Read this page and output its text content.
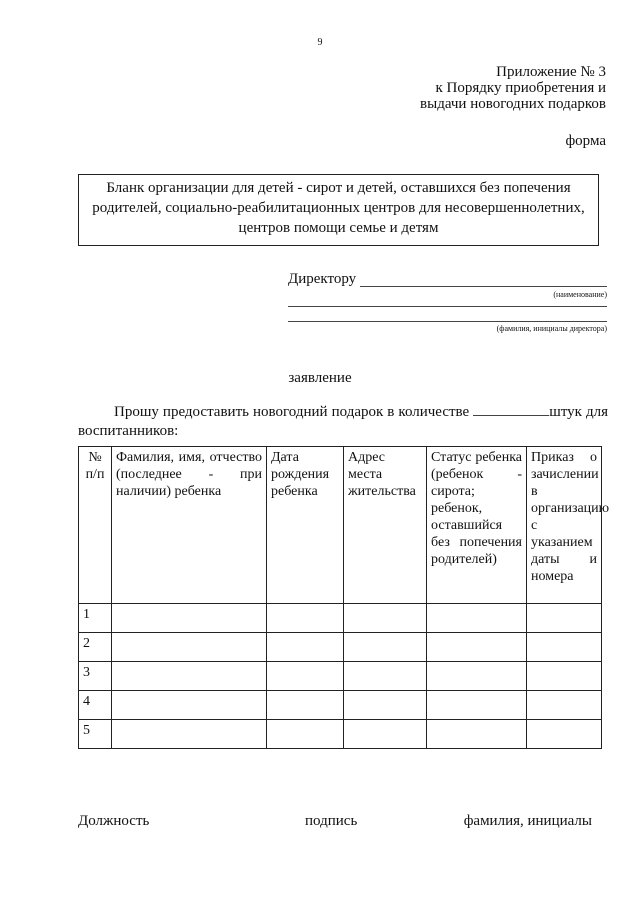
9
Приложение № 3
к Порядку приобретения и
выдачи новогодних подарков
форма
Бланк организации для детей - сирот и детей, оставшихся без попечения
родителей, социально-реабилитационных центров для несовершеннолетних,
центров помощи семье и детям
Директору
(наименование)
(фамилия, инициалы директора)
заявление
Прошу предоставить новогодний подарок в количестве	штук для воспитанников:
№ п/п	Фамилия, имя, отчество (последнее - при наличии) ребенка	Дата рождения ребенка	Адрес места жительства	Статус ребенка (ребенок - сирота; ребенок, оставшийся без попечения родителей)	Приказ о зачислении в организацию с указанием даты и номера
1					
2					
3					
4					
5					
Должность	подпись	фамилия, инициалы
